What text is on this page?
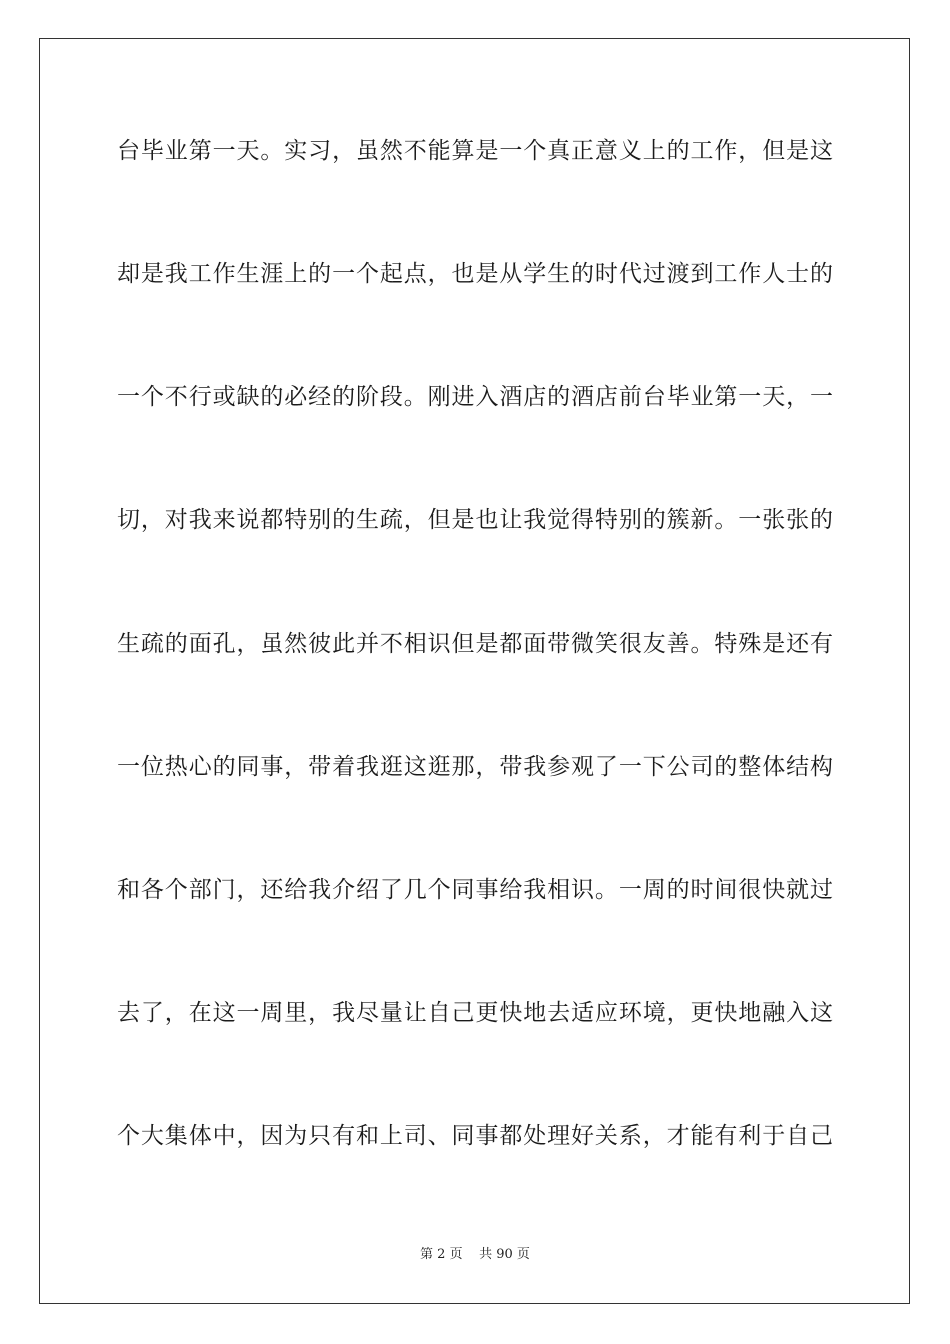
台毕业第一天。实习，虽然不能算是一个真正意义上的工作，但是这
却是我工作生涯上的一个起点，也是从学生的时代过渡到工作人士的
一个不行或缺的必经的阶段。刚进入酒店的酒店前台毕业第一天，一
切，对我来说都特别的生疏，但是也让我觉得特别的簇新。一张张的
生疏的面孔，虽然彼此并不相识但是都面带微笑很友善。特殊是还有
一位热心的同事，带着我逛这逛那，带我参观了一下公司的整体结构
和各个部门，还给我介绍了几个同事给我相识。一周的时间很快就过
去了，在这一周里，我尽量让自己更快地去适应环境，更快地融入这
个大集体中，因为只有和上司、同事都处理好关系，才能有利于自己
第 2 页 共 90 页
